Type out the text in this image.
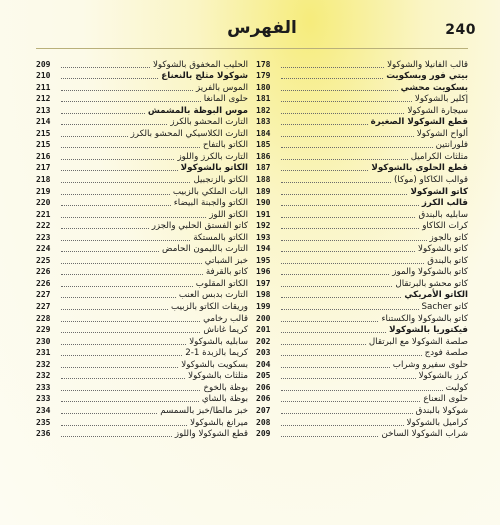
240
الفهرس
قالب الفانيلا والشوكولا
178
بيتي فور وبسكويت
179
بسكويت محشي
180
إكلير بالشوكولا
181
سيجارة الشوكولا
182
قطع الشوكولا الصغيرة
183
ألواح الشوكولا
184
فلورانتين
185
مثلثات الكراميل
186
قطع الحلوى بالشوكولا
187
قوالب الكاكاو (موكا)
188
كاتو الشوكولا
189
قالب الكرز
190
سابليه بالبندق
191
كرات الكاكاو
192
كاتو بالجوز
193
كاتو بالشوكولا
194
كاتو بالبندق
195
كاتو بالشوكولا والموز
196
كاتو محشو بالبرتقال
197
الكاتو الأمريكي
198
كاتو Sacher
199
كاتو بالشوكولا والكستناء
200
فيكتوريا بالشوكولا
201
صلصة الشوكولا مع البرتقال
202
صلصة فودج
203
حلوى سفيرو وشراب
204
كرز بالشوكولا
205
كوليت
206
حلوى النعناع
206
شوكولا بالبندق
207
كراميل بالشوكولا
208
شراب الشوكولا الساخن
209
الحليب المخفوق بالشوكولا
209
شوكولا مثلج بالنعناع
210
الموس بالفريز
211
حلوى المانغا
212
موس البوظة بالمشمش
213
التارت المحشو بالكرز
214
التارت الكلاسيكي المحشو بالكرز
215
الكاتو بالتفاح
215
التارت بالكرز واللوز
216
الكاتو بالشوكولا
217
الكاتو بالزنجبيل
218
البات الملكي بالزبيب
219
الكاتو والجبنة البيضاء
220
الكاتو اللوز
221
كاتو الفستق الحلبي والجزر
222
الكاتو بالمستكة
223
التارت بالليمون الحامض
224
خبز الشباتي
225
كاتو بالقرفة
226
الكاتو المقلوب
226
التارت بدبس العنب
227
وريقات الكاتو بالزبيب
227
قالب رخامي
228
كريما غاناش
229
سابليه بالشوكولا
230
كريما بالزبدة 1-2
231
بسكويت بالشوكولا
232
مثلثات بالشوكولا
232
بوظة بالخوخ
233
بوظة بالشاي
233
خبز مالطا/خبز بالسمسم
234
ميرانغ بالشوكولا
235
قطع الشوكولا واللوز
236
